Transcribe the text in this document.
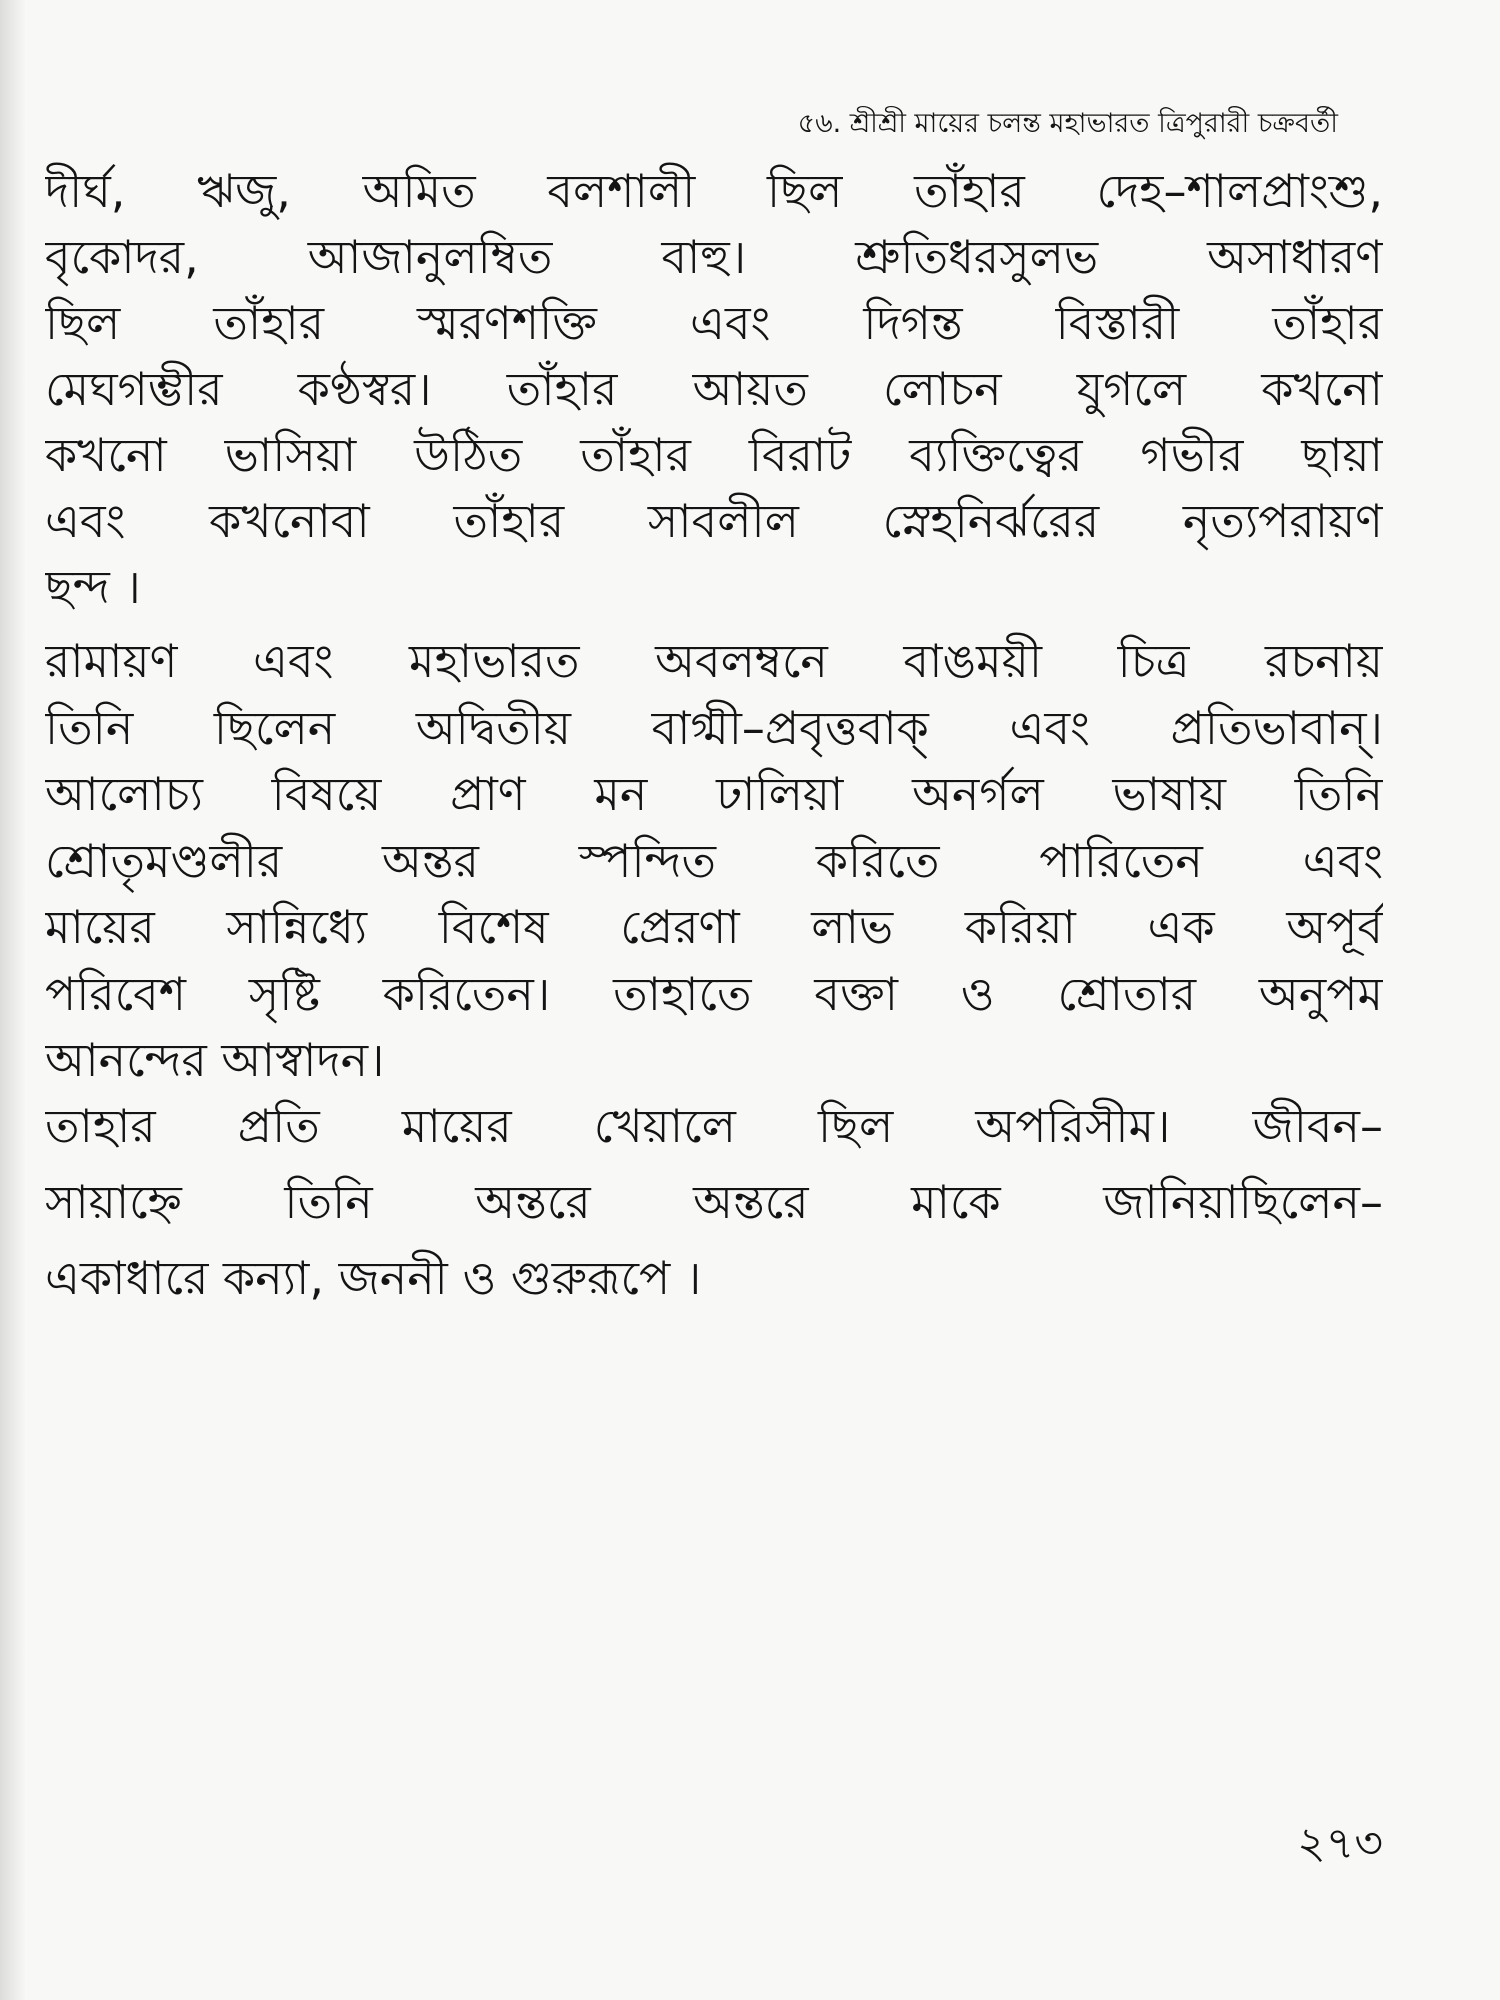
৫৬. শ্রীশ্রী মায়ের চলন্ত মহাভারত ত্রিপুরারী চক্রবর্তী
দীর্ঘ, ঋজু, অমিত বলশালী ছিল তাঁহার দেহ–শালপ্রাংশু,
বৃকোদর, আজানুলম্বিত বাহু। শ্রুতিধরসুলভ অসাধারণ
ছিল তাঁহার স্মরণশক্তি এবং দিগন্ত বিস্তারী তাঁহার
মেঘগম্ভীর কণ্ঠস্বর। তাঁহার আয়ত লোচন যুগলে কখনো
কখনো ভাসিয়া উঠিত তাঁহার বিরাট ব্যক্তিত্বের গভীর ছায়া
এবং কখনোবা তাঁহার সাবলীল স্নেহনির্ঝরের নৃত্যপরায়ণ
ছন্দ ।
রামায়ণ এবং মহাভারত অবলম্বনে বাঙময়ী চিত্র রচনায়
তিনি ছিলেন অদ্বিতীয় বাগ্মী–প্রবৃত্তবাক্ এবং প্রতিভাবান্।
আলোচ্য বিষয়ে প্রাণ মন ঢালিয়া অনর্গল ভাষায় তিনি
শ্রোতৃমণ্ডলীর অন্তর স্পন্দিত করিতে পারিতেন এবং
মায়ের সান্নিধ্যে বিশেষ প্রেরণা লাভ করিয়া এক অপূর্ব
পরিবেশ সৃষ্টি করিতেন। তাহাতে বক্তা ও শ্রোতার অনুপম
আনন্দের আস্বাদন।
তাহার প্রতি মায়ের খেয়ালে ছিল অপরিসীম। জীবন–
সায়াহ্নে তিনি অন্তরে অন্তরে মাকে জানিয়াছিলেন–
একাধারে কন্যা, জননী ও গুরুরূপে ।
২৭৩
